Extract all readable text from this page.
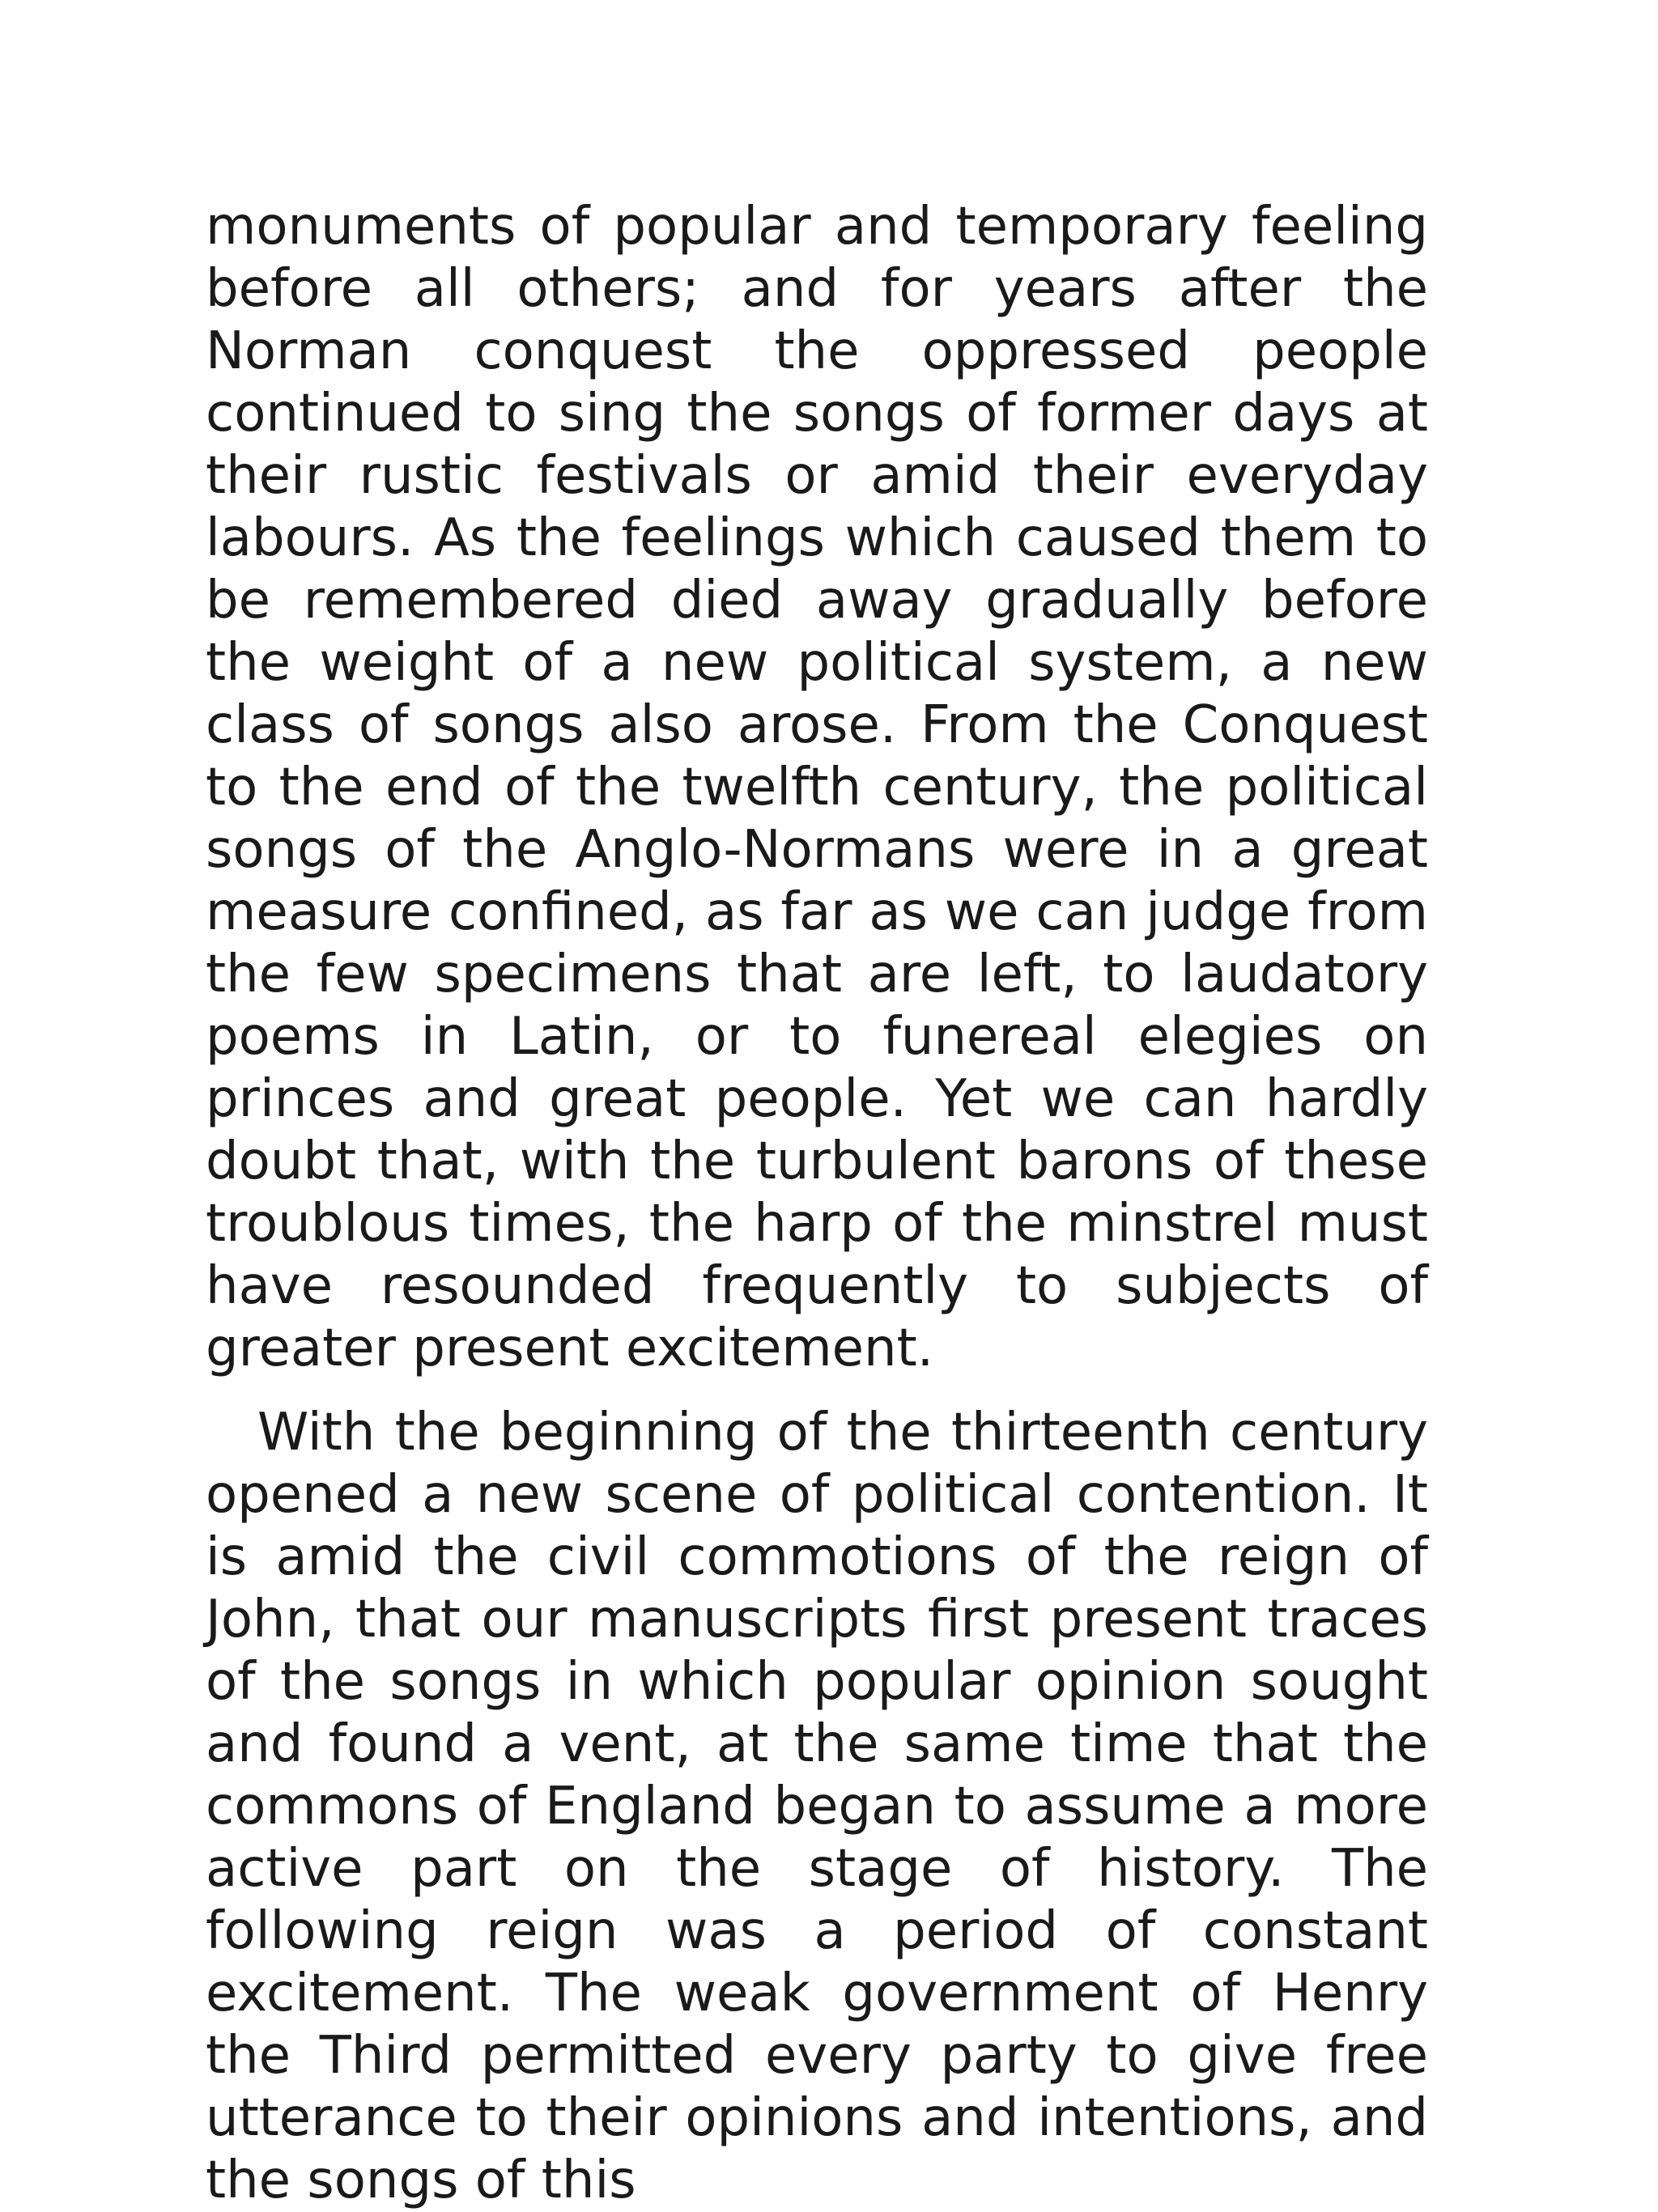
monuments of popular and temporary feeling before all others; and for years after the Norman conquest the oppressed people continued to sing the songs of former days at their rustic festivals or amid their everyday labours. As the feelings which caused them to be remembered died away gradually before the weight of a new political system, a new class of songs also arose. From the Conquest to the end of the twelfth century, the political songs of the Anglo-Normans were in a great measure confined, as far as we can judge from the few specimens that are left, to laudatory poems in Latin, or to funereal elegies on princes and great people. Yet we can hardly doubt that, with the turbulent barons of these troublous times, the harp of the minstrel must have resounded frequently to subjects of greater present excitement.

With the beginning of the thirteenth century opened a new scene of political contention. It is amid the civil commotions of the reign of John, that our manuscripts first present traces of the songs in which popular opinion sought and found a vent, at the same time that the commons of England began to assume a more active part on the stage of history. The following reign was a period of constant excitement. The weak government of Henry the Third permitted every party to give free utterance to their opinions and intentions, and the songs of this
